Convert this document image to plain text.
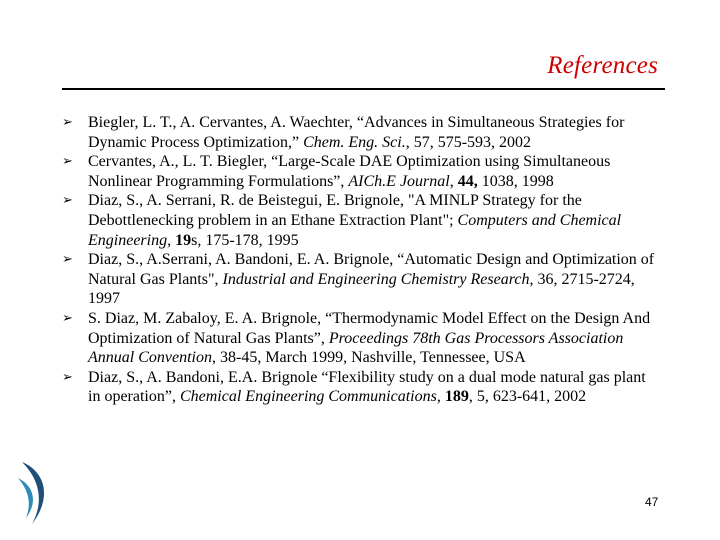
References
➢ Biegler, L. T., A. Cervantes, A. Waechter, “Advances in Simultaneous Strategies for Dynamic Process Optimization,” Chem. Eng. Sci., 57, 575-593, 2002
➢ Cervantes, A., L. T. Biegler, “Large-Scale DAE Optimization using Simultaneous Nonlinear Programming Formulations”, AICh.E Journal, 44, 1038, 1998
➢ Diaz, S., A. Serrani, R. de Beistegui, E. Brignole, "A MINLP Strategy for the Debottlenecking problem in an Ethane Extraction Plant"; Computers and Chemical Engineering, 19s, 175-178, 1995
➢ Diaz, S., A.Serrani, A. Bandoni, E. A. Brignole, “Automatic Design and Optimization of Natural Gas Plants", Industrial and Engineering Chemistry Research, 36, 2715-2724, 1997
➢ S. Diaz, M. Zabaloy, E. A. Brignole, “Thermodynamic Model Effect on the Design And Optimization of Natural Gas Plants”, Proceedings 78th Gas Processors Association Annual Convention, 38-45, March 1999, Nashville, Tennessee, USA
➢ Diaz, S., A. Bandoni, E.A. Brignole “Flexibility study on a dual mode natural gas plant in operation”, Chemical Engineering Communications, 189, 5, 623-641, 2002
47
